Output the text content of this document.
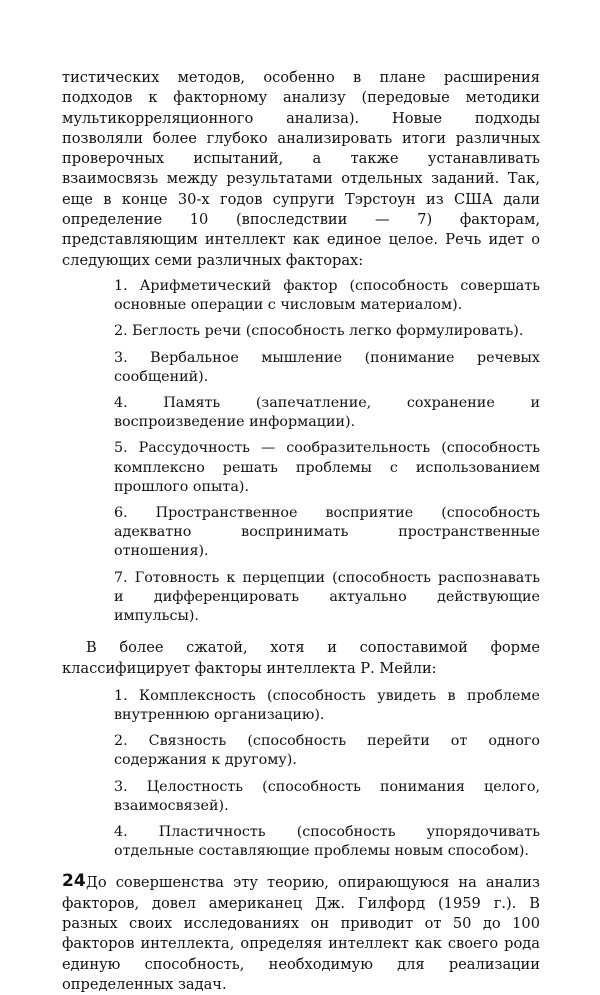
тистических методов, особенно в плане расширения подходов к факторному анализу (передовые методики мультикорреляционного анализа). Новые подходы позволяли более глубоко анализировать итоги различных проверочных испытаний, а также устанавливать взаимосвязь между результатами отдельных заданий. Так, еще в конце 30-х годов супруги Тэрстоун из США дали определение 10 (впоследствии — 7) факторам, представляющим интеллект как единое целое. Речь идет о следующих семи различных факторах:

1. Арифметический фактор (способность совершать основные операции с числовым материалом).
2. Беглость речи (способность легко формулировать).
3. Вербальное мышление (понимание речевых сообщений).
4. Память (запечатление, сохранение и воспроизведение информации).
5. Рассудочность — сообразительность (способность комплексно решать проблемы с использованием прошлого опыта).
6. Пространственное восприятие (способность адекватно воспринимать пространственные отношения).
7. Готовность к перцепции (способность распознавать и дифференцировать актуально действующие импульсы).

В более сжатой, хотя и сопоставимой форме классифицирует факторы интеллекта Р. Мейли:

1. Комплексность (способность увидеть в проблеме внутреннюю организацию).
2. Связность (способность перейти от одного содержания к другому).
3. Целостность (способность понимания целого, взаимосвязей).
4. Пластичность (способность упорядочивать отдельные составляющие проблемы новым способом).

До совершенства эту теорию, опирающуюся на анализ факторов, довел американец Дж. Гилфорд (1959 г.). В разных своих исследованиях он приводит от 50 до 100 факторов интеллекта, определяя интеллект как своего рода единую способность, необходимую для реализации определенных задач.

24
